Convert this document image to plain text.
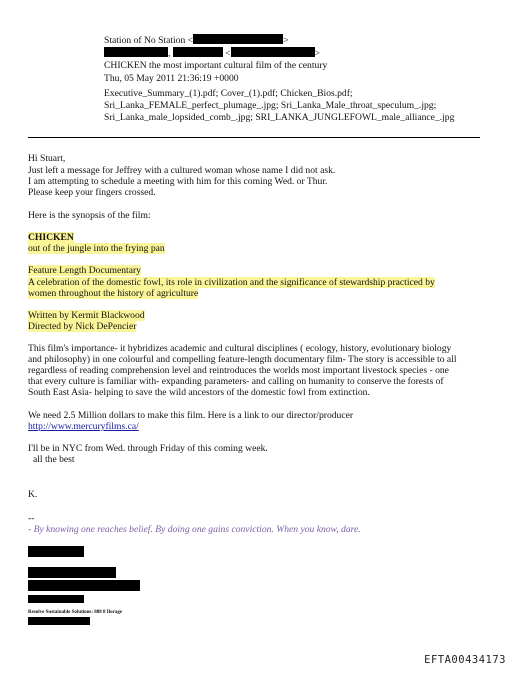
Station of No Station <	>
,	<	>
CHICKEN the most important cultural film of the century
Thu, 05 May 2011 21:36:19 +0000
Executive_Summary_(1).pdf; Cover_(1).pdf; Chicken_Bios.pdf;
Sri_Lanka_FEMALE_perfect_plumage_.jpg; Sri_Lanka_Male_throat_speculum_.jpg;
Sri_Lanka_male_lopsided_comb_.jpg; SRI_LANKA_JUNGLEFOWL_male_alliance_.jpg
Hi Stuart,
Just left a message for Jeffrey with a cultured woman whose name I did not ask.
I am attempting to schedule a meeting with him for this coming Wed. or Thur.
Please keep your fingers crossed.
Here is the synopsis of the film:
CHICKEN
out of the jungle into the frying pan
Feature Length Documentary
A celebration of the domestic fowl, its role in civilization and the significance of stewardship practiced by
women throughout the history of agriculture
Written by Kermit Blackwood
Directed by Nick DePencier
This film's importance- it hybridizes academic and cultural disciplines ( ecology, history, evolutionary biology
and philosophy) in one colourful and compelling feature-length documentary film- The story is accessible to all
regardless of reading comprehension level and reintroduces the worlds most important livestock species - one
that every culture is familiar with- expanding parameters- and calling on humanity to conserve the forests of
South East Asia- helping to save the wild ancestors of the domestic fowl from extinction.
We need 2.5 Million dollars to make this film. Here is a link to our director/producer
http://www.mercuryfilms.ca/
I'll be in NYC from Wed. through Friday of this coming week.
all the best
K.
--
- By knowing one reaches belief. By doing one gains conviction. When you know, dare.
Resolve Sustainable Solutions: 888 8 Ilorage
EFTA00434173
